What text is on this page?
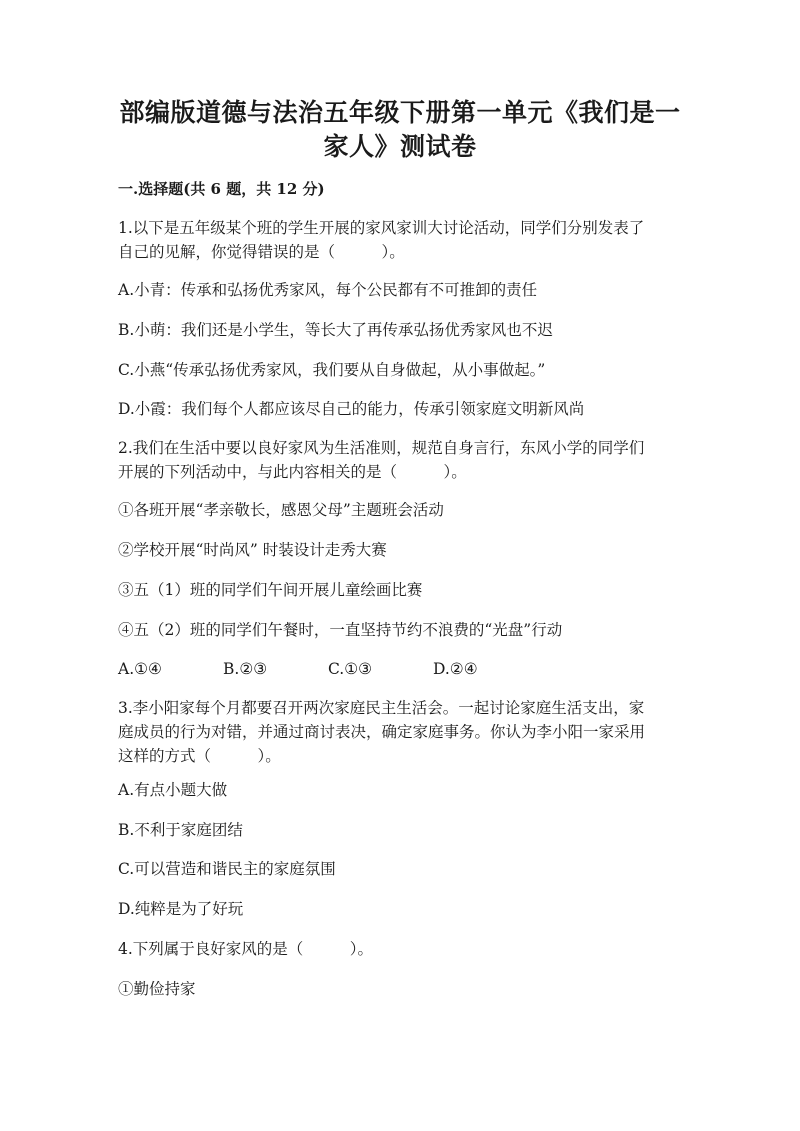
部编版道德与法治五年级下册第一单元《我们是一
家人》测试卷
一.选择题(共 6 题，共 12 分)
1.以下是五年级某个班的学生开展的家风家训大讨论活动，同学们分别发表了
自己的见解，你觉得错误的是（　　　）。
A.小青：传承和弘扬优秀家风，每个公民都有不可推卸的责任
B.小萌：我们还是小学生，等长大了再传承弘扬优秀家风也不迟
C.小燕“传承弘扬优秀家风，我们要从自身做起，从小事做起。”
D.小霞：我们每个人都应该尽自己的能力，传承引领家庭文明新风尚
2.我们在生活中要以良好家风为生活准则，规范自身言行，东风小学的同学们
开展的下列活动中，与此内容相关的是（　　　）。
①各班开展“孝亲敬长，感恩父母”主题班会活动
②学校开展“时尚风” 时装设计走秀大赛
③五（1）班的同学们午间开展儿童绘画比赛
④五（2）班的同学们午餐时，一直坚持节约不浪费的“光盘”行动
A.①④	B.②③	C.①③	D.②④
3.李小阳家每个月都要召开两次家庭民主生活会。一起讨论家庭生活支出，家
庭成员的行为对错，并通过商讨表决，确定家庭事务。你认为李小阳一家采用
这样的方式（　　　）。
A.有点小题大做
B.不利于家庭团结
C.可以营造和谐民主的家庭氛围
D.纯粹是为了好玩
4.下列属于良好家风的是（　　　）。
①勤俭持家
